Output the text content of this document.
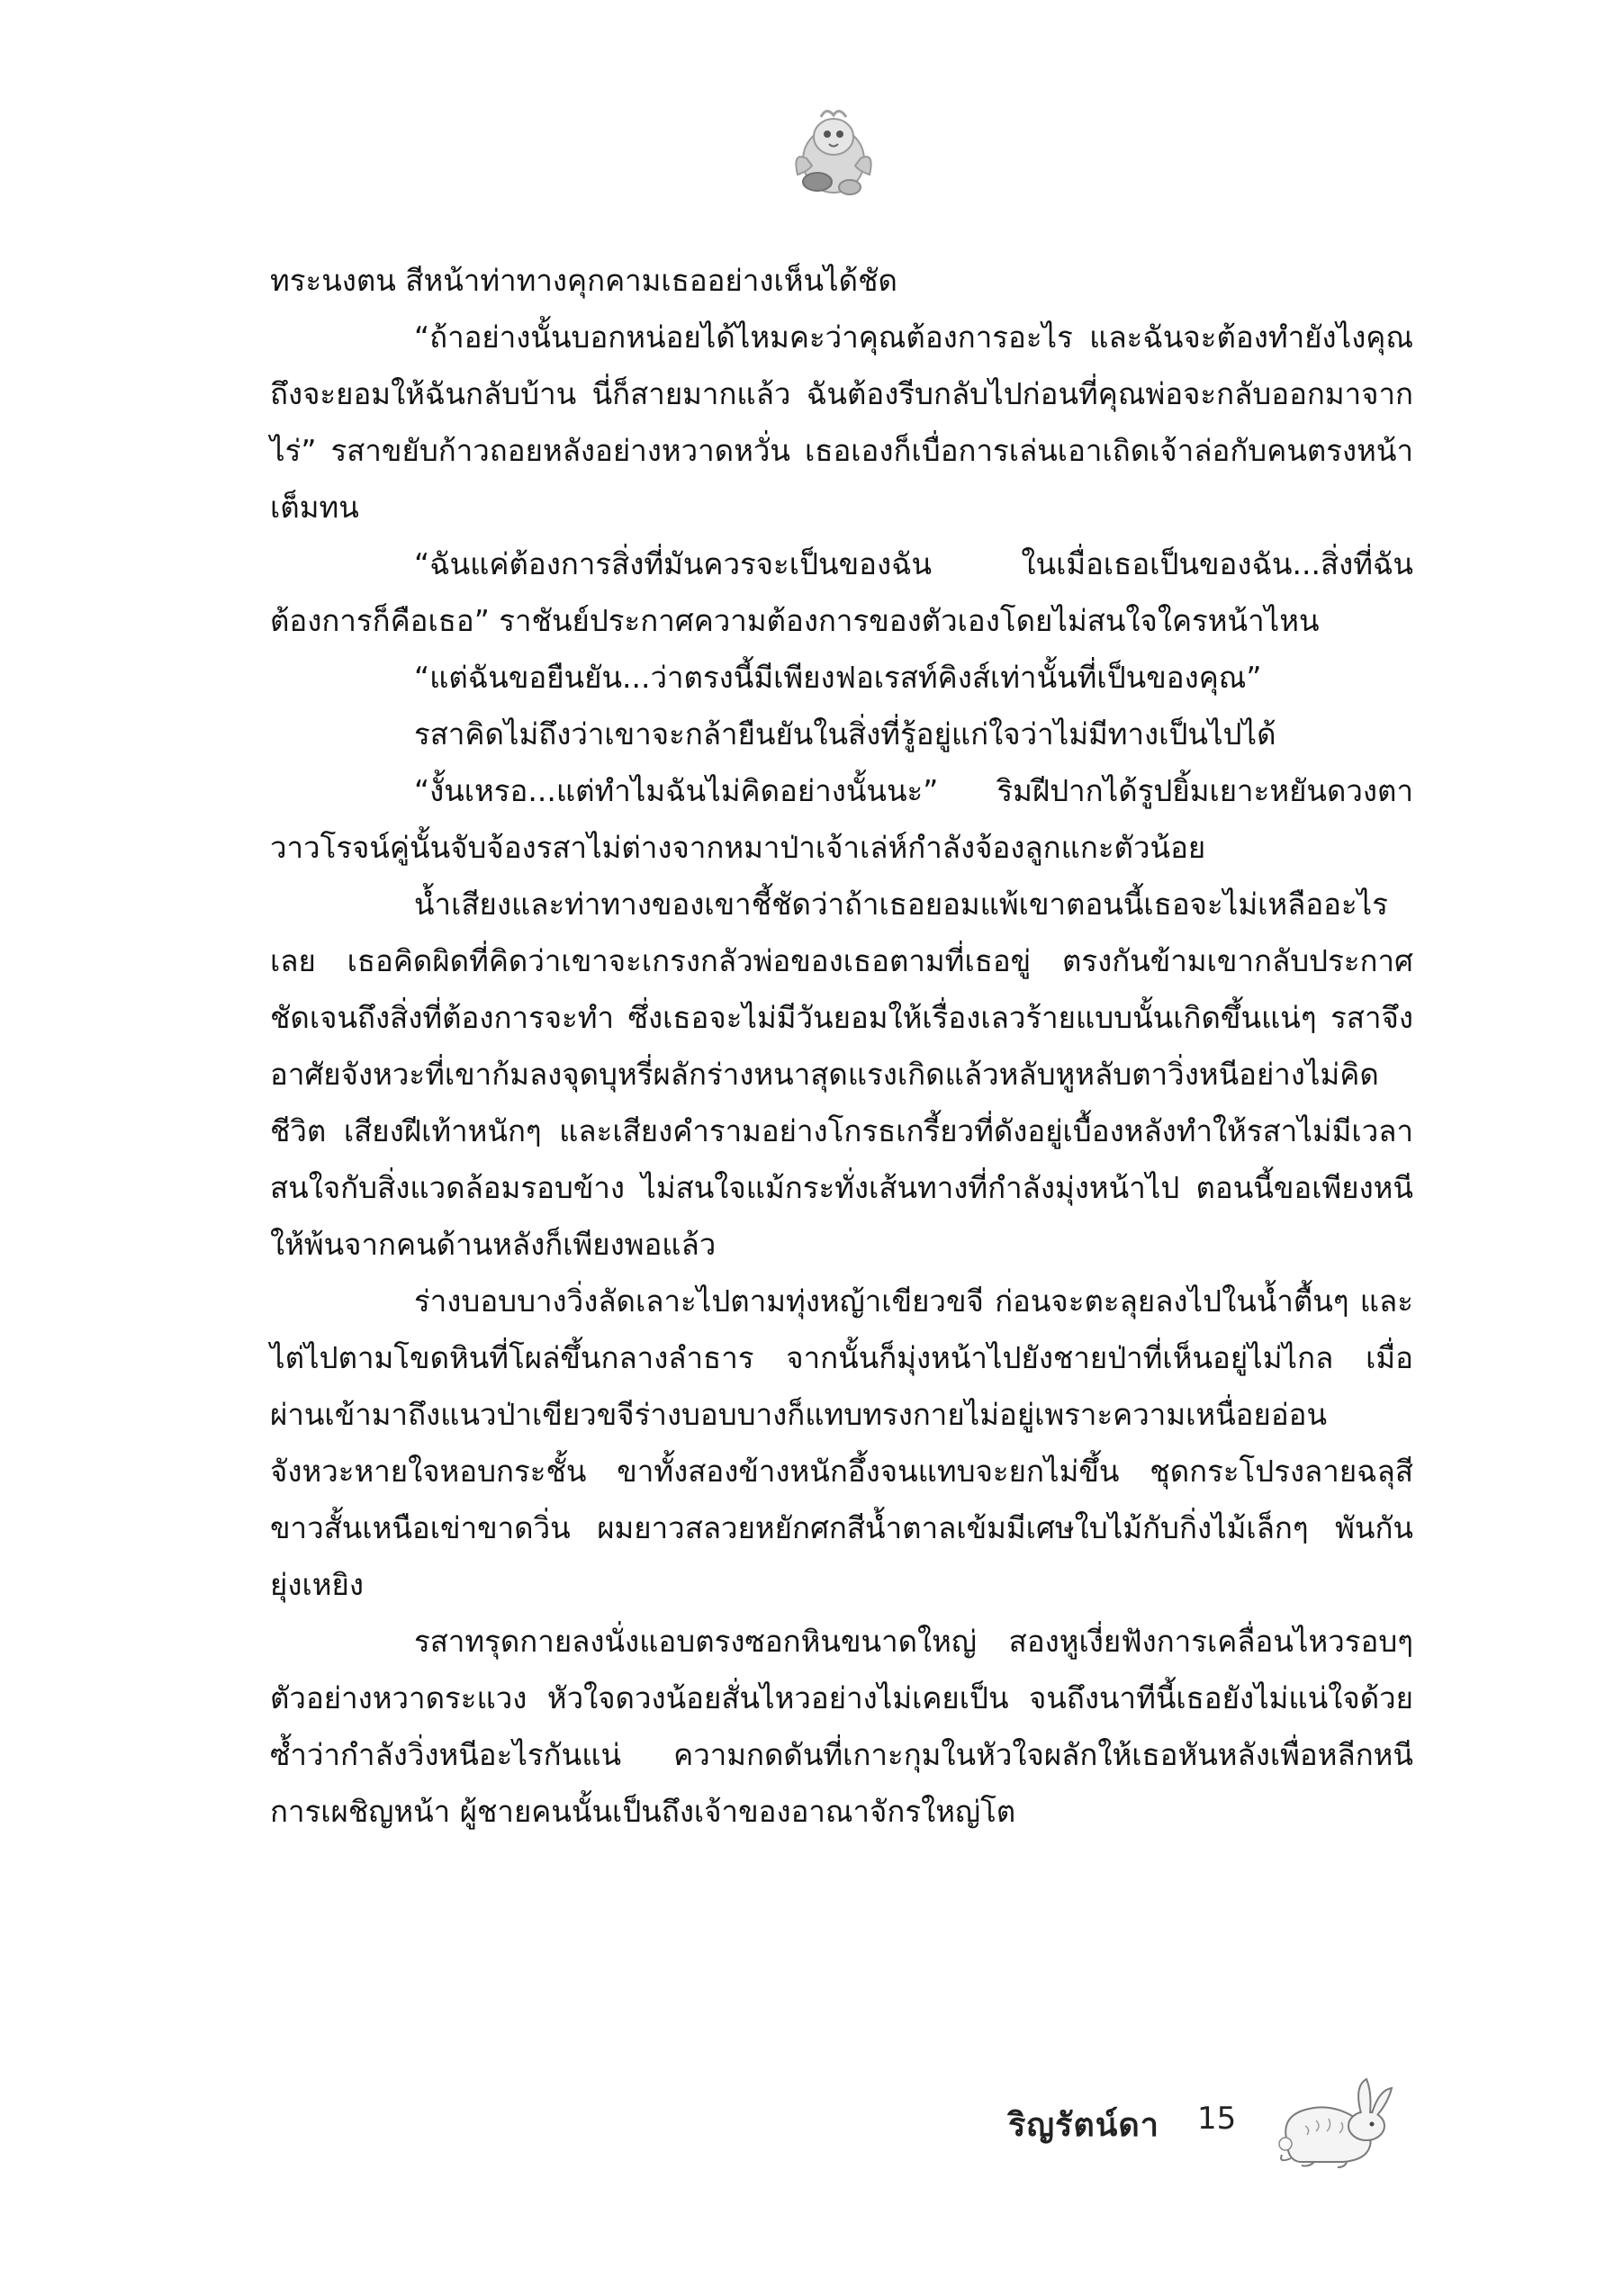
ทระนงตน สีหน้าท่าทางคุกคามเธออย่างเห็นได้ชัด

“ถ้าอย่างนั้นบอกหน่อยได้ไหมคะว่าคุณต้องการอะไร และฉันจะต้องทำยังไงคุณถึงจะยอมให้ฉันกลับบ้าน นี่ก็สายมากแล้ว ฉันต้องรีบกลับไปก่อนที่คุณพ่อจะกลับออกมาจากไร่” รสาขยับก้าวถอยหลังอย่างหวาดหวั่น เธอเองก็เบื่อการเล่นเอาเถิดเจ้าล่อกับคนตรงหน้าเต็มทน

“ฉันแค่ต้องการสิ่งที่มันควรจะเป็นของฉัน ในเมื่อเธอเป็นของฉัน...สิ่งที่ฉันต้องการก็คือเธอ” ราชันย์ประกาศความต้องการของตัวเองโดยไม่สนใจใครหน้าไหน

“แต่ฉันขอยืนยัน...ว่าตรงนี้มีเพียงฟอเรสท์คิงส์เท่านั้นที่เป็นของคุณ”

รสาคิดไม่ถึงว่าเขาจะกล้ายืนยันในสิ่งที่รู้อยู่แก่ใจว่าไม่มีทางเป็นไปได้

“งั้นเหรอ...แต่ทำไมฉันไม่คิดอย่างนั้นนะ” ริมฝีปากได้รูปยิ้มเยาะหยันดวงตาวาวโรจน์คู่นั้นจับจ้องรสาไม่ต่างจากหมาป่าเจ้าเล่ห์กำลังจ้องลูกแกะตัวน้อย

น้ำเสียงและท่าทางของเขาชี้ชัดว่าถ้าเธอยอมแพ้เขาตอนนี้เธอจะไม่เหลืออะไรเลย เธอคิดผิดที่คิดว่าเขาจะเกรงกลัวพ่อของเธอตามที่เธอขู่ ตรงกันข้ามเขากลับประกาศชัดเจนถึงสิ่งที่ต้องการจะทำ ซึ่งเธอจะไม่มีวันยอมให้เรื่องเลวร้ายแบบนั้นเกิดขึ้นแน่ๆ รสาจึงอาศัยจังหวะที่เขาก้มลงจุดบุหรี่ผลักร่างหนาสุดแรงเกิดแล้วหลับหูหลับตาวิ่งหนีอย่างไม่คิดชีวิต เสียงฝีเท้าหนักๆ และเสียงคำรามอย่างโกรธเกรี้ยวที่ดังอยู่เบื้องหลังทำให้รสาไม่มีเวลาสนใจกับสิ่งแวดล้อมรอบข้าง ไม่สนใจแม้กระทั่งเส้นทางที่กำลังมุ่งหน้าไป ตอนนี้ขอเพียงหนีให้พ้นจากคนด้านหลังก็เพียงพอแล้ว

ร่างบอบบางวิ่งลัดเลาะไปตามทุ่งหญ้าเขียวขจี ก่อนจะตะลุยลงไปในน้ำตื้นๆ และไต่ไปตามโขดหินที่โผล่ขึ้นกลางลำธาร จากนั้นก็มุ่งหน้าไปยังชายป่าที่เห็นอยู่ไม่ไกล เมื่อผ่านเข้ามาถึงแนวป่าเขียวขจีร่างบอบบางก็แทบทรงกายไม่อยู่เพราะความเหนื่อยอ่อน จังหวะหายใจหอบกระชั้น ขาทั้งสองข้างหนักอึ้งจนแทบจะยกไม่ขึ้น ชุดกระโปรงลายฉลุสีขาวสั้นเหนือเข่าขาดวิ่น ผมยาวสลวยหยักศกสีน้ำตาลเข้มมีเศษใบไม้กับกิ่งไม้เล็กๆ พันกันยุ่งเหยิง

รสาทรุดกายลงนั่งแอบตรงซอกหินขนาดใหญ่ สองหูเงี่ยฟังการเคลื่อนไหวรอบๆ ตัวอย่างหวาดระแวง หัวใจดวงน้อยสั่นไหวอย่างไม่เคยเป็น จนถึงนาทีนี้เธอยังไม่แน่ใจด้วยซ้ำว่ากำลังวิ่งหนีอะไรกันแน่ ความกดดันที่เกาะกุมในหัวใจผลักให้เธอหันหลังเพื่อหลีกหนีการเผชิญหน้า ผู้ชายคนนั้นเป็นถึงเจ้าของอาณาจักรใหญ่โต

ริญรัตน์ดา 15
